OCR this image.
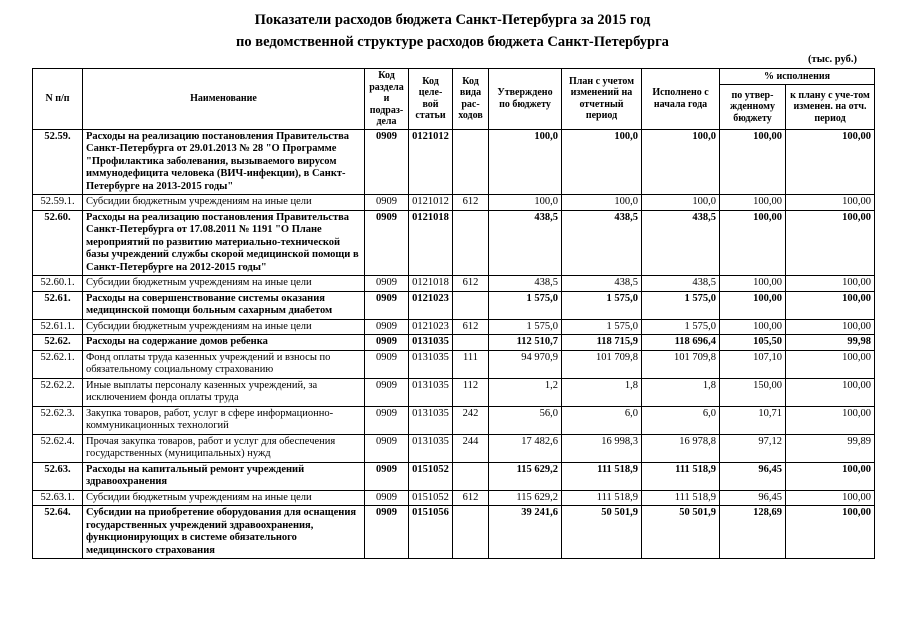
Показатели расходов бюджета Санкт-Петербурга за 2015 год
по ведомственной структуре расходов бюджета Санкт-Петербурга
(тыс. руб.)
N п/п	Наименование	Код раздела и подраз-дела	Код целе-вой статьи	Код вида рас-ходов	Утверждено по бюджету	План с учетом изменений на отчетный период	Исполнено с начала года	% исполнения	
								по утвер-жденному бюджету	к плану с уче-том изменен. на отч. период
52.59.	Расходы на реализацию постановления Правительства Санкт-Петербурга от 29.01.2013 № 28 "О Программе "Профилактика заболевания, вызываемого вирусом иммунодефицита человека (ВИЧ-инфекции), в Санкт-Петербурге на 2013-2015 годы"	0909	0121012		100,0	100,0	100,0	100,00	100,00
52.59.1.	Субсидии бюджетным учреждениям на иные цели	0909	0121012	612	100,0	100,0	100,0	100,00	100,00
52.60.	Расходы на реализацию постановления Правительства Санкт-Петербурга от 17.08.2011 № 1191 "О Плане мероприятий по развитию материально-технической базы учреждений службы скорой медицинской помощи в Санкт-Петербурге на 2012-2015 годы"	0909	0121018		438,5	438,5	438,5	100,00	100,00
52.60.1.	Субсидии бюджетным учреждениям на иные цели	0909	0121018	612	438,5	438,5	438,5	100,00	100,00
52.61.	Расходы на совершенствование системы оказания медицинской помощи больным сахарным диабетом	0909	0121023		1 575,0	1 575,0	1 575,0	100,00	100,00
52.61.1.	Субсидии бюджетным учреждениям на иные цели	0909	0121023	612	1 575,0	1 575,0	1 575,0	100,00	100,00
52.62.	Расходы на содержание домов ребенка	0909	0131035		112 510,7	118 715,9	118 696,4	105,50	99,98
52.62.1.	Фонд оплаты труда казенных учреждений и взносы по обязательному социальному страхованию	0909	0131035	111	94 970,9	101 709,8	101 709,8	107,10	100,00
52.62.2.	Иные выплаты персоналу казенных учреждений, за исключением фонда оплаты труда	0909	0131035	112	1,2	1,8	1,8	150,00	100,00
52.62.3.	Закупка товаров, работ, услуг в сфере информационно-коммуникационных технологий	0909	0131035	242	56,0	6,0	6,0	10,71	100,00
52.62.4.	Прочая закупка товаров, работ и услуг для обеспечения государственных (муниципальных) нужд	0909	0131035	244	17 482,6	16 998,3	16 978,8	97,12	99,89
52.63.	Расходы на капитальный ремонт учреждений здравоохранения	0909	0151052		115 629,2	111 518,9	111 518,9	96,45	100,00
52.63.1.	Субсидии бюджетным учреждениям на иные цели	0909	0151052	612	115 629,2	111 518,9	111 518,9	96,45	100,00
52.64.	Субсидии на приобретение оборудования для оснащения государственных учреждений здравоохранения, функционирующих в системе обязательного медицинского страхования	0909	0151056		39 241,6	50 501,9	50 501,9	128,69	100,00
